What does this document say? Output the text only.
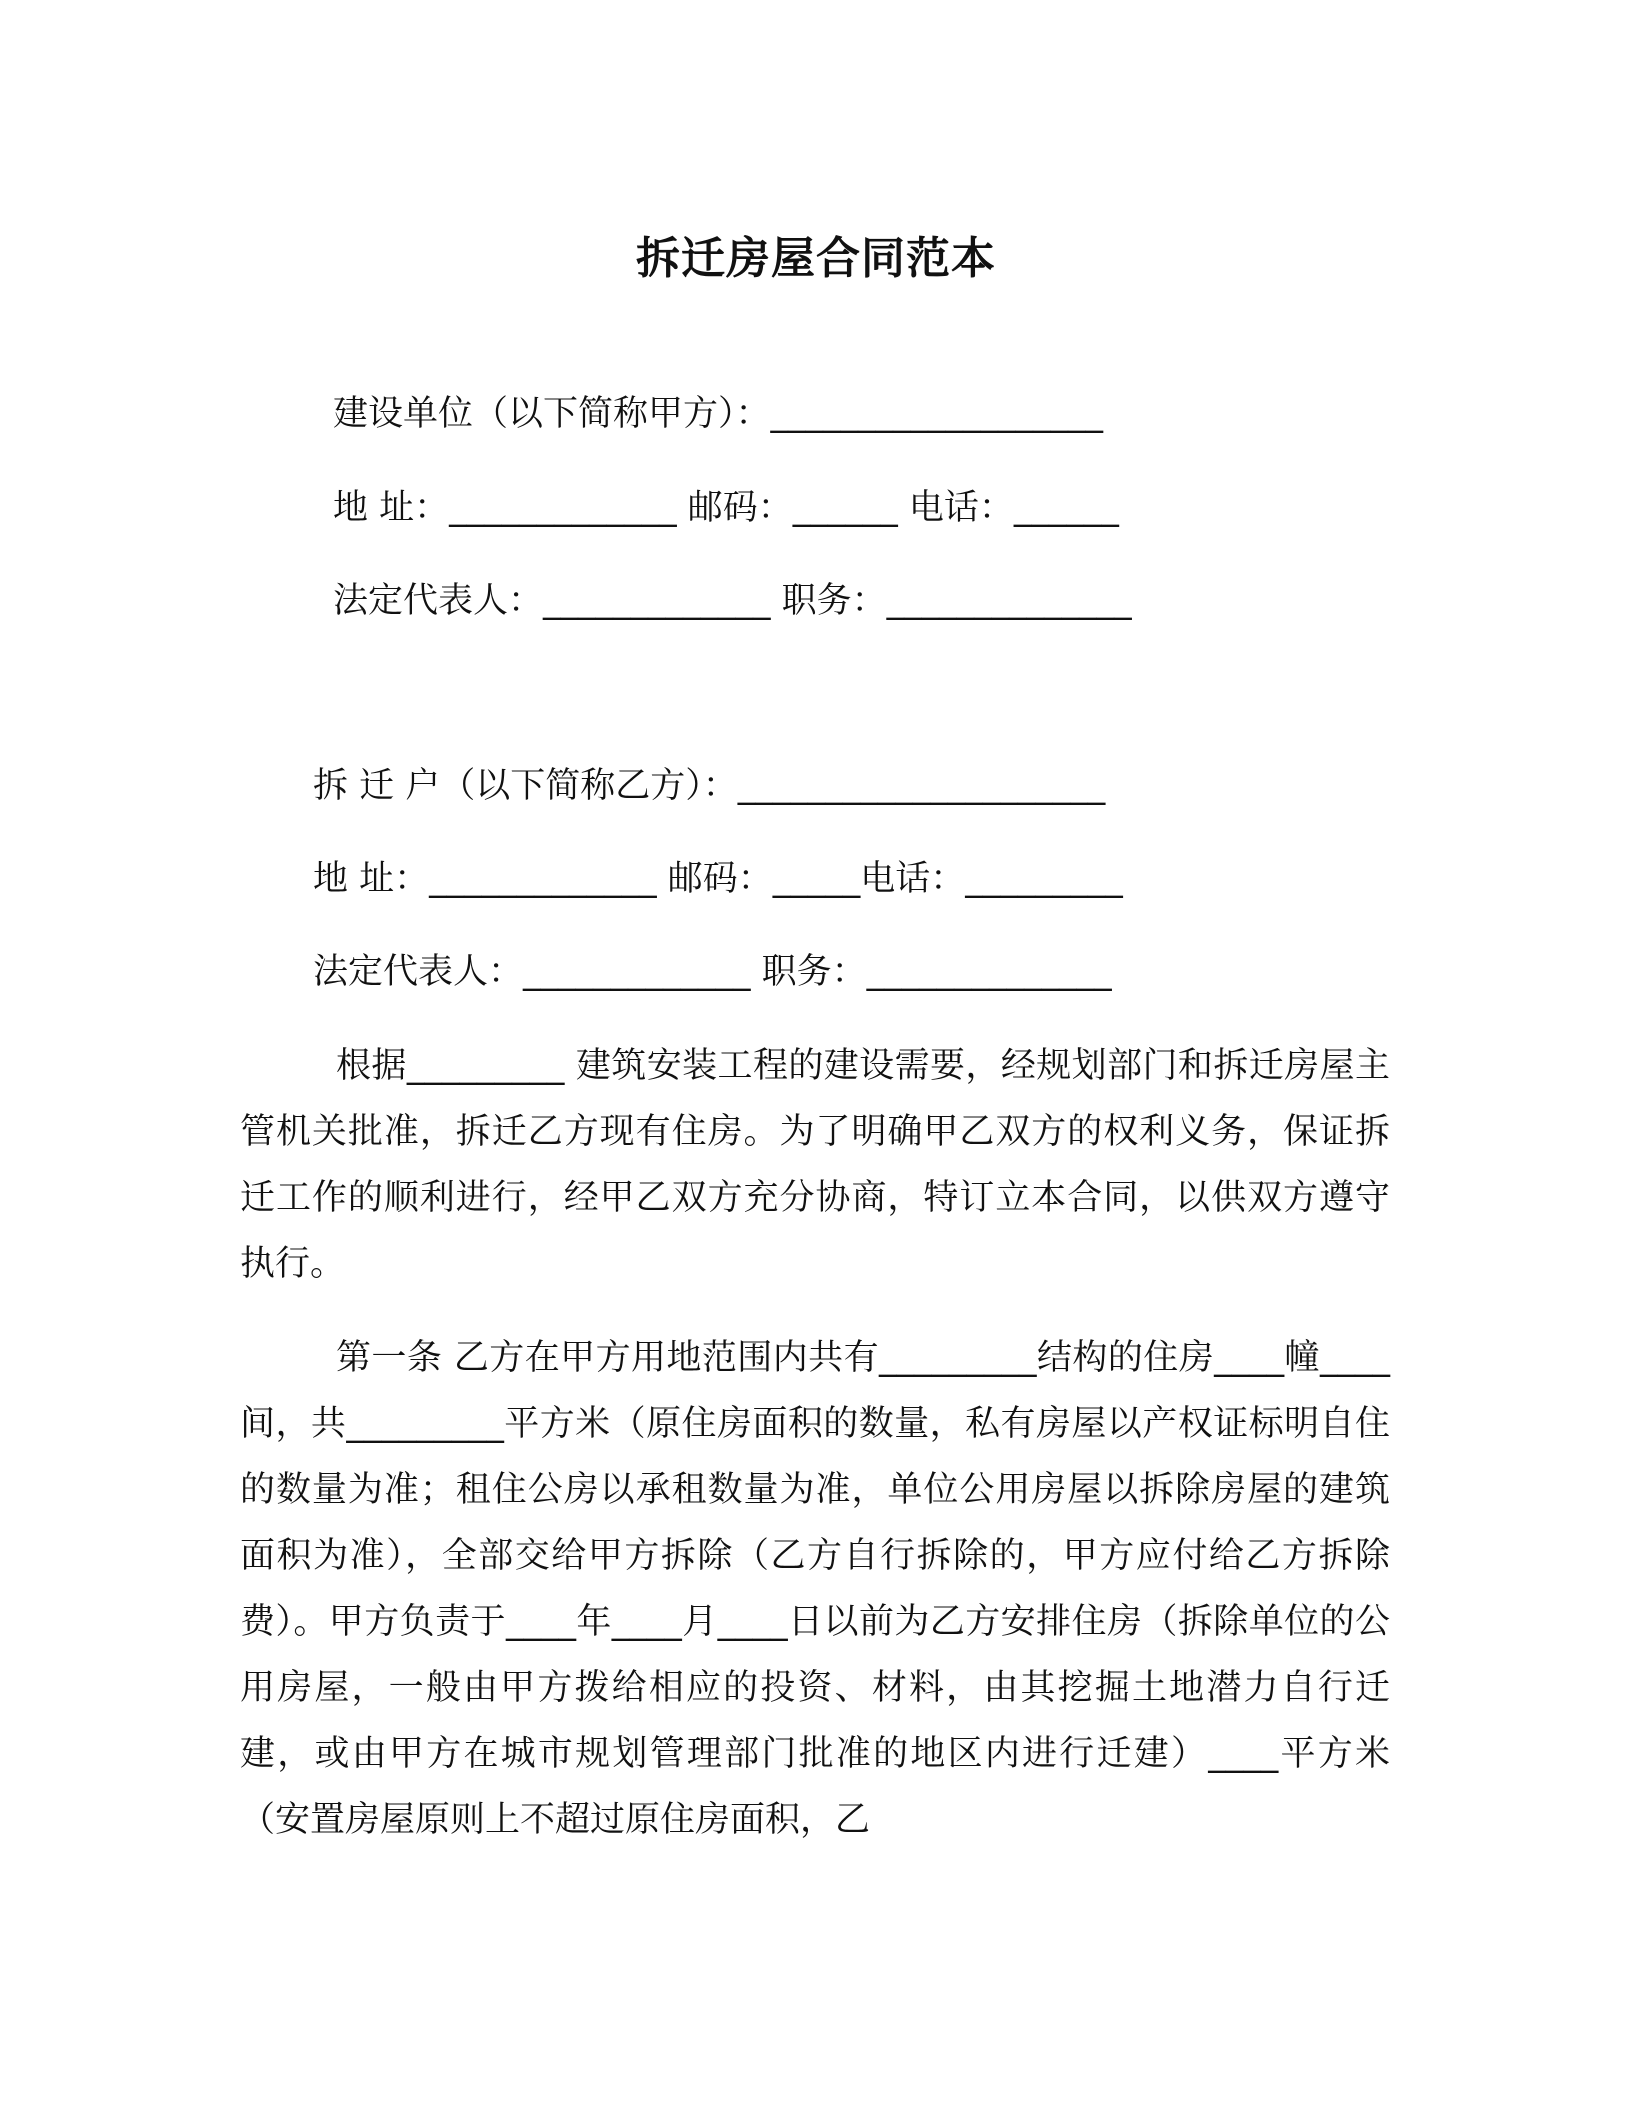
拆迁房屋合同范本
建设单位（以下简称甲方）：___________________
地 址：_____________ 邮码：______ 电话：______
法定代表人：_____________ 职务：______________
拆 迁 户（以下简称乙方）：_____________________
地 址：_____________ 邮码：_____电话：_________
法定代表人：_____________ 职务：______________

根据_________ 建筑安装工程的建设需要，经规划部门和拆迁房屋主管机关批准，拆迁乙方现有住房。为了明确甲乙双方的权利义务，保证拆迁工作的顺利进行，经甲乙双方充分协商，特订立本合同，以供双方遵守执行。

第一条 乙方在甲方用地范围内共有_________结构的住房____幢____间，共_________平方米（原住房面积的数量，私有房屋以产权证标明自住的数量为准；租住公房以承租数量为准，单位公用房屋以拆除房屋的建筑面积为准），全部交给甲方拆除（乙方自行拆除的，甲方应付给乙方拆除费）。甲方负责于____年____月____日以前为乙方安排住房（拆除单位的公用房屋，一般由甲方拨给相应的投资、材料，由其挖掘土地潜力自行迁建，或由甲方在城市规划管理部门批准的地区内进行迁建）____平方米（安置房屋原则上不超过原住房面积，乙
